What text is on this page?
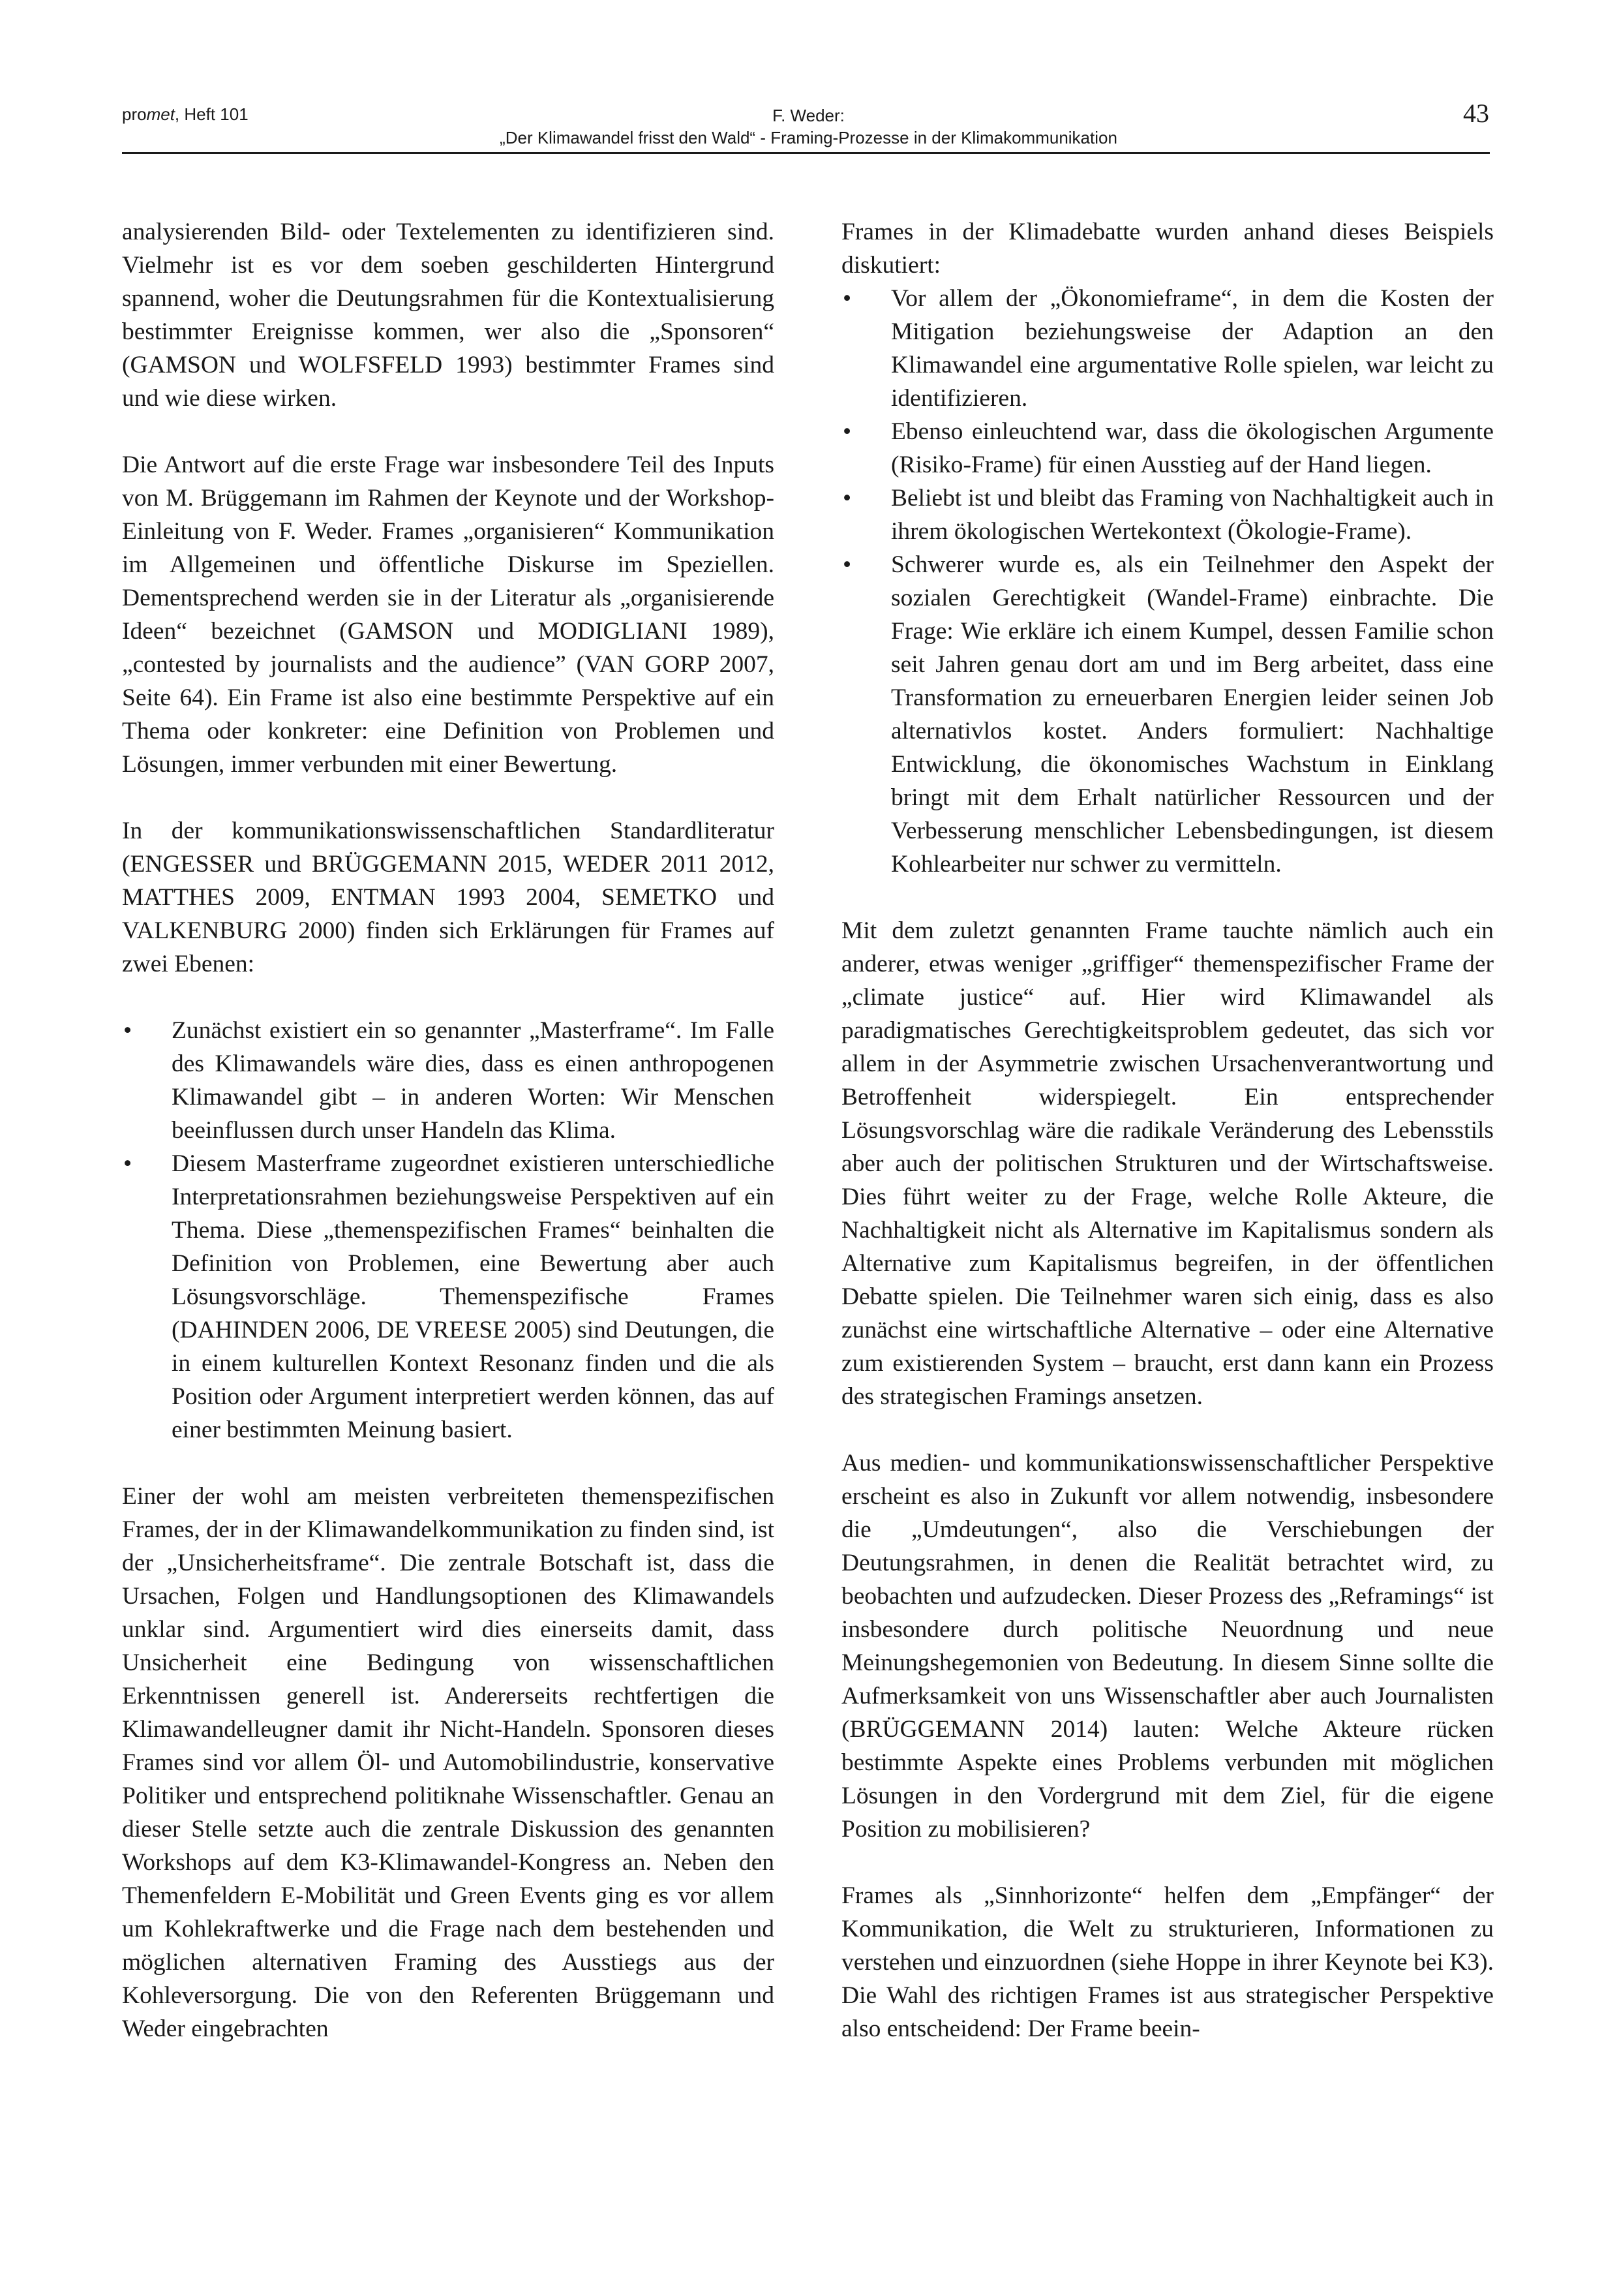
promet, Heft 101	F. Weder:
„Der Klimawandel frisst den Wald“ - Framing-Prozesse in der Klimakommunikation
43

analysierenden Bild- oder Textelementen zu identifizieren sind. Vielmehr ist es vor dem soeben geschilderten Hintergrund spannend, woher die Deutungsrahmen für die Kontextualisierung bestimmter Ereignisse kommen, wer also die „Sponsoren“ (GAMSON und WOLFSFELD 1993) bestimmter Frames sind und wie diese wirken.

Die Antwort auf die erste Frage war insbesondere Teil des Inputs von M. Brüggemann im Rahmen der Keynote und der Workshop-Einleitung von F. Weder. Frames „organisieren“ Kommunikation im Allgemeinen und öffentliche Diskurse im Speziellen. Dementsprechend werden sie in der Literatur als „organisierende Ideen“ bezeichnet (GAMSON und MODIGLIANI 1989), „contested by journalists and the audience” (VAN GORP 2007, Seite 64). Ein Frame ist also eine bestimmte Perspektive auf ein Thema oder konkreter: eine Definition von Problemen und Lösungen, immer verbunden mit einer Bewertung.

In der kommunikationswissenschaftlichen Standardliteratur (ENGESSER und BRÜGGEMANN 2015, WEDER 2011 2012, MATTHES 2009, ENTMAN 1993 2004, SEMETKO und VALKENBURG 2000) finden sich Erklärungen für Frames auf zwei Ebenen:

• Zunächst existiert ein so genannter „Masterframe“. Im Falle des Klimawandels wäre dies, dass es einen anthropogenen Klimawandel gibt – in anderen Worten: Wir Menschen beeinflussen durch unser Handeln das Klima.
• Diesem Masterframe zugeordnet existieren unterschiedliche Interpretationsrahmen beziehungsweise Perspektiven auf ein Thema. Diese „themenspezifischen Frames“ beinhalten die Definition von Problemen, eine Bewertung aber auch Lösungsvorschläge. Themenspezifische Frames (DAHINDEN 2006, DE VREESE 2005) sind Deutungen, die in einem kulturellen Kontext Resonanz finden und die als Position oder Argument interpretiert werden können, das auf einer bestimmten Meinung basiert.

Einer der wohl am meisten verbreiteten themenspezifischen Frames, der in der Klimawandelkommunikation zu finden sind, ist der „Unsicherheitsframe“. Die zentrale Botschaft ist, dass die Ursachen, Folgen und Handlungsoptionen des Klimawandels unklar sind. Argumentiert wird dies einerseits damit, dass Unsicherheit eine Bedingung von wissenschaftlichen Erkenntnissen generell ist. Andererseits rechtfertigen die Klimawandelleugner damit ihr Nicht-Handeln. Sponsoren dieses Frames sind vor allem Öl- und Automobilindustrie, konservative Politiker und entsprechend politiknahe Wissenschaftler. Genau an dieser Stelle setzte auch die zentrale Diskussion des genannten Workshops auf dem K3-Klimawandel-Kongress an. Neben den Themenfeldern E-Mobilität und Green Events ging es vor allem um Kohlekraftwerke und die Frage nach dem bestehenden und möglichen alternativen Framing des Ausstiegs aus der Kohleversorgung. Die von den Referenten Brüggemann und Weder eingebrachten

Frames in der Klimadebatte wurden anhand dieses Beispiels diskutiert:

• Vor allem der „Ökonomieframe“, in dem die Kosten der Mitigation beziehungsweise der Adaption an den Klimawandel eine argumentative Rolle spielen, war leicht zu identifizieren.
• Ebenso einleuchtend war, dass die ökologischen Argumente (Risiko-Frame) für einen Ausstieg auf der Hand liegen.
• Beliebt ist und bleibt das Framing von Nachhaltigkeit auch in ihrem ökologischen Wertekontext (Ökologie-Frame).
• Schwerer wurde es, als ein Teilnehmer den Aspekt der sozialen Gerechtigkeit (Wandel-Frame) einbrachte. Die Frage: Wie erkläre ich einem Kumpel, dessen Familie schon seit Jahren genau dort am und im Berg arbeitet, dass eine Transformation zu erneuerbaren Energien leider seinen Job alternativlos kostet. Anders formuliert: Nachhaltige Entwicklung, die ökonomisches Wachstum in Einklang bringt mit dem Erhalt natürlicher Ressourcen und der Verbesserung menschlicher Lebensbedingungen, ist diesem Kohlearbeiter nur schwer zu vermitteln.

Mit dem zuletzt genannten Frame tauchte nämlich auch ein anderer, etwas weniger „griffiger“ themenspezifischer Frame der „climate justice“ auf. Hier wird Klimawandel als paradigmatisches Gerechtigkeitsproblem gedeutet, das sich vor allem in der Asymmetrie zwischen Ursachenverantwortung und Betroffenheit widerspiegelt. Ein entsprechender Lösungsvorschlag wäre die radikale Veränderung des Lebensstils aber auch der politischen Strukturen und der Wirtschaftsweise. Dies führt weiter zu der Frage, welche Rolle Akteure, die Nachhaltigkeit nicht als Alternative im Kapitalismus sondern als Alternative zum Kapitalismus begreifen, in der öffentlichen Debatte spielen. Die Teilnehmer waren sich einig, dass es also zunächst eine wirtschaftliche Alternative – oder eine Alternative zum existierenden System – braucht, erst dann kann ein Prozess des strategischen Framings ansetzen.

Aus medien- und kommunikationswissenschaftlicher Perspektive erscheint es also in Zukunft vor allem notwendig, insbesondere die „Umdeutungen“, also die Verschiebungen der Deutungsrahmen, in denen die Realität betrachtet wird, zu beobachten und aufzudecken. Dieser Prozess des „Reframings“ ist insbesondere durch politische Neuordnung und neue Meinungshegemonien von Bedeutung. In diesem Sinne sollte die Aufmerksamkeit von uns Wissenschaftler aber auch Journalisten (BRÜGGEMANN 2014) lauten: Welche Akteure rücken bestimmte Aspekte eines Problems verbunden mit möglichen Lösungen in den Vordergrund mit dem Ziel, für die eigene Position zu mobilisieren?

Frames als „Sinnhorizonte“ helfen dem „Empfänger“ der Kommunikation, die Welt zu strukturieren, Informationen zu verstehen und einzuordnen (siehe Hoppe in ihrer Keynote bei K3). Die Wahl des richtigen Frames ist aus strategischer Perspektive also entscheidend: Der Frame beein-
